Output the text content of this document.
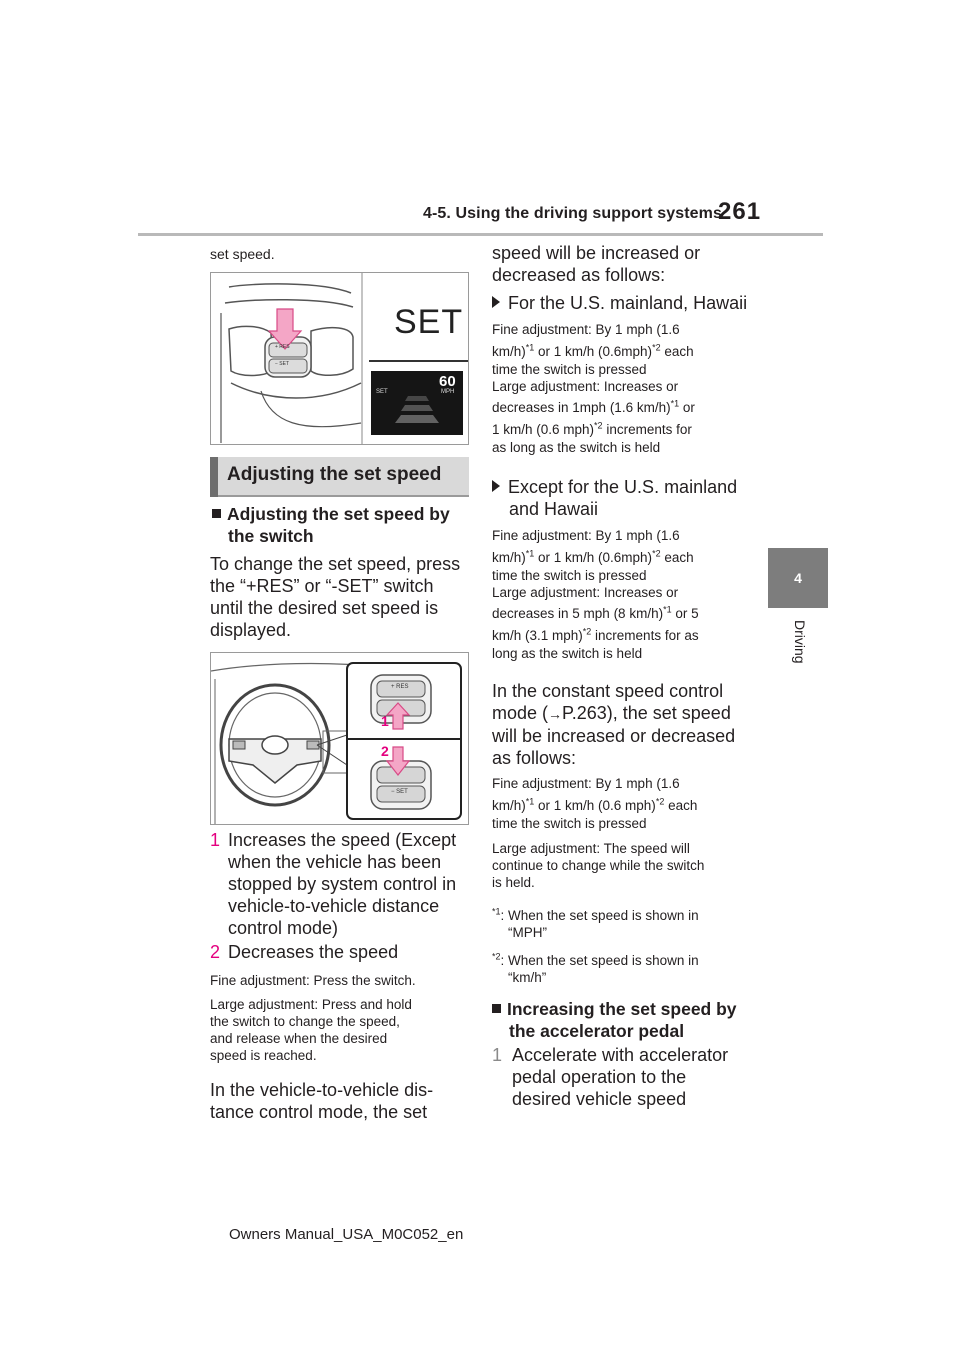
4-5. Using the driving support systems
261
4
Driving
set speed.
SET
60
MPH
SET
+ RES
− SET
Adjusting the set speed
Adjusting the set speed by
the switch
To change the set speed, press
the “+RES” or “-SET” switch
until the desired set speed is
displayed.
1
2
+ RES
− SET
1 Increases the speed (Except
when the vehicle has been
stopped by system control in
vehicle-to-vehicle distance
control mode)
2 Decreases the speed
Fine adjustment: Press the switch.
Large adjustment: Press and hold
the switch to change the speed,
and release when the desired
speed is reached.
In the vehicle-to-vehicle dis-
tance control mode, the set
speed will be increased or
decreased as follows:
For the U.S. mainland, Hawaii
Fine adjustment: By 1 mph (1.6
km/h)$^{*1}$ or 1 km/h $(0.6mph)^{*2}$ each
time the switch is pressed
Large adjustment: Increases or
decreases in 1mph (1.6 km/h)$^{*1}$ or
1 km/h (0.6 mph)$^{*2}$ increments for
as long as the switch is held
Except for the U.S. mainland
and Hawaii
Fine adjustment: By 1 mph (1.6
km/h)$^{*1}$ or 1 km/h $(0.6mph)^{*2}$ each
time the switch is pressed
Large adjustment: Increases or
decreases in 5 mph (8 km/h)$^{*1}$ or 5
km/h (3.1 mph)$^{*2}$ increments for as
long as the switch is held
In the constant speed control
mode (→P.263), the set speed
will be increased or decreased
as follows:
Fine adjustment: By 1 mph (1.6
km/h)$^{*1}$ or 1 km/h (0.6 mph)$^{*2}$ each
time the switch is pressed
Large adjustment: The speed will
continue to change while the switch
is held.
$^{*1}$: When the set speed is shown in
“MPH”
$^{*2}$: When the set speed is shown in
“km/h”
Increasing the set speed by
the accelerator pedal
1 Accelerate with accelerator
pedal operation to the
desired vehicle speed
Owners Manual_USA_M0C052_en
